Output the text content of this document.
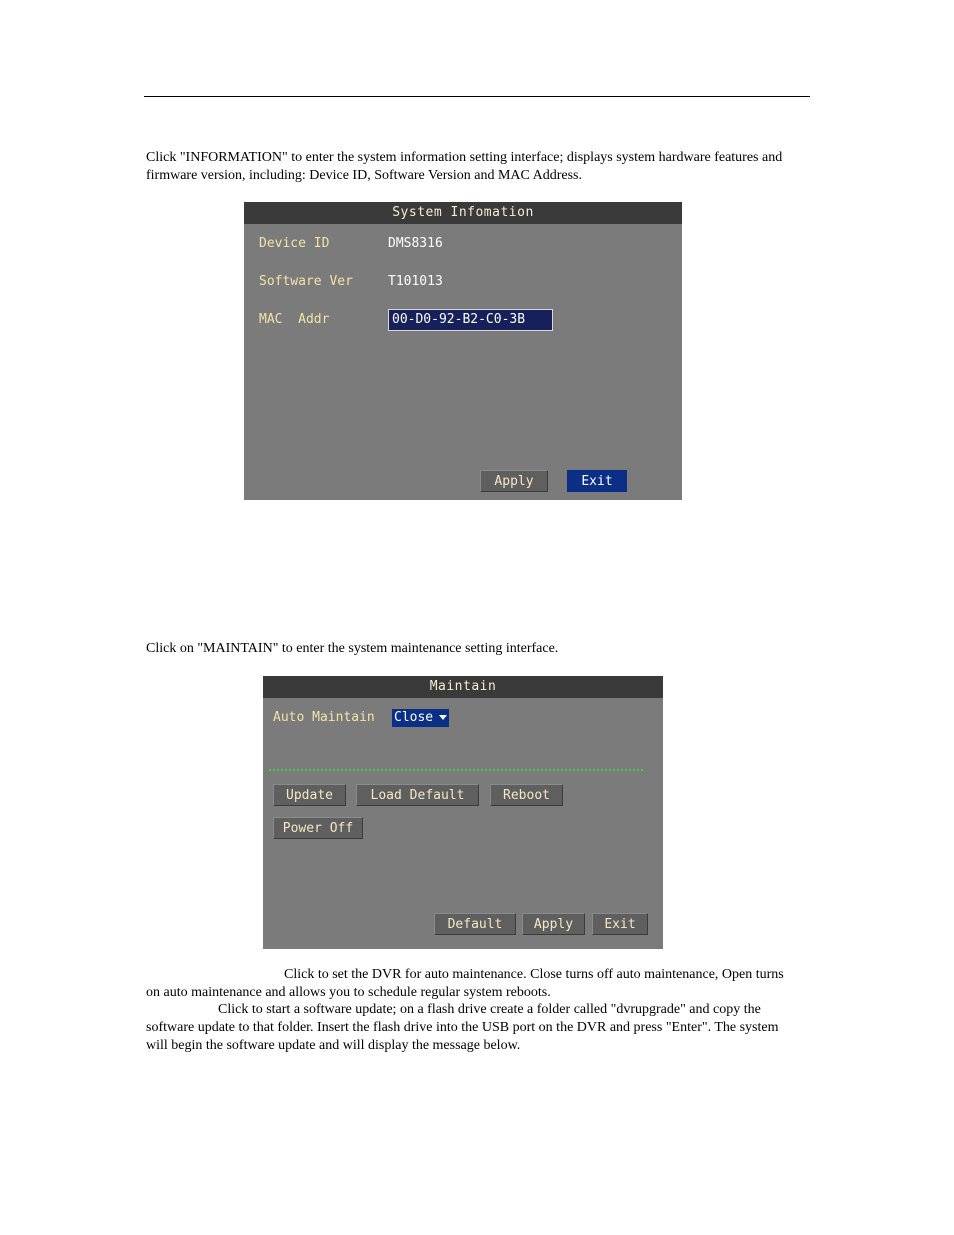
Click "INFORMATION" to enter the system information setting interface; displays system hardware features and firmware version, including: Device ID, Software Version and MAC Address.

System Infomation
Device ID	DMS8316
Software Ver	T101013
MAC  Addr	00-D0-92-B2-C0-3B
Apply	Exit

Click on "MAINTAIN" to enter the system maintenance setting interface.

Maintain
Auto Maintain Close
Update	Load Default	Reboot
Power Off
Default	Apply	Exit

Click to set the DVR for auto maintenance. Close turns off auto maintenance, Open turns on auto maintenance and allows you to schedule regular system reboots.

Click to start a software update; on a flash drive create a folder called "dvrupgrade" and copy the software update to that folder. Insert the flash drive into the USB port on the DVR and press "Enter". The system will begin the software update and will display the message below.
